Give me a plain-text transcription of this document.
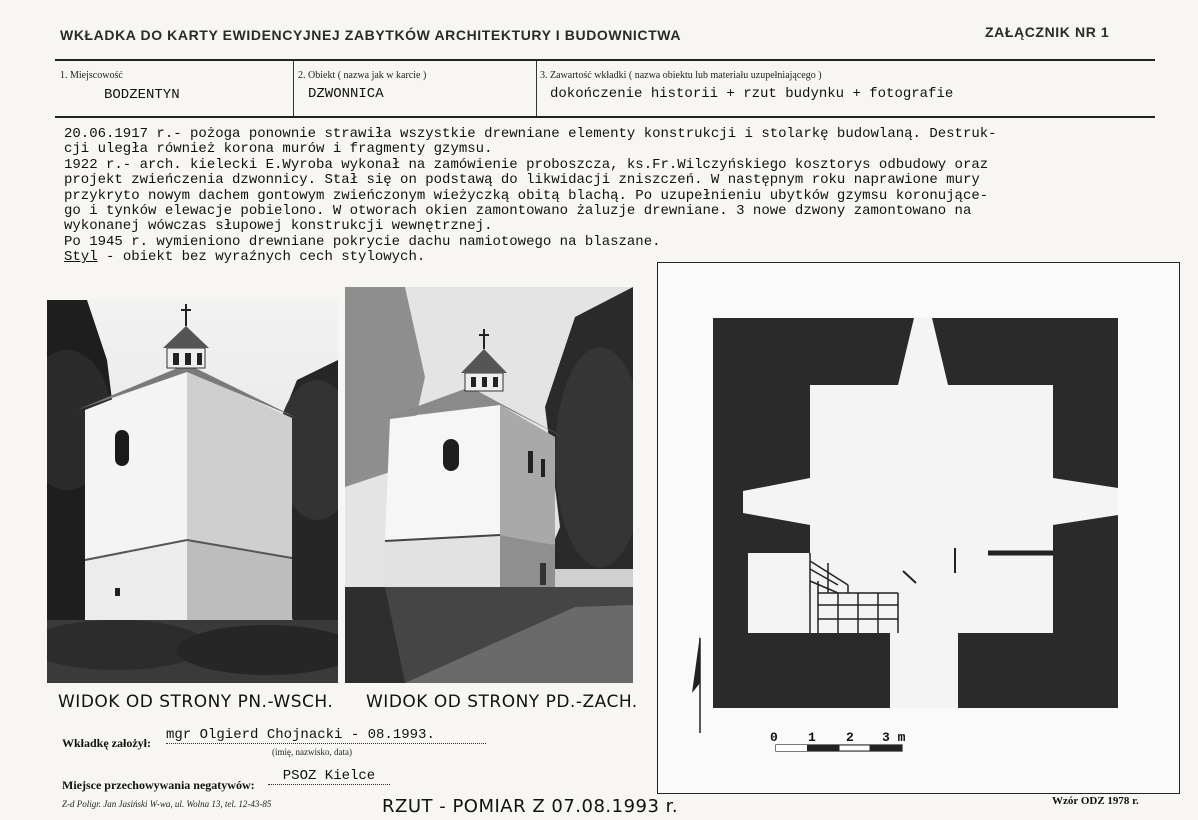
WKŁADKA DO KARTY EWIDENCYJNEJ ZABYTKÓW ARCHITEKTURY I BUDOWNICTWA	ZAŁĄCZNIK NR 1
1. Miejscowość
BODZENTYN
2. Obiekt ( nazwa jak w karcie )
DZWONNICA
3. Zawartość wkładki ( nazwa obiektu lub materiału uzupełniającego )
dokończenie historii + rzut budynku + fotografie
20.06.1917 r.- pożoga ponownie strawiła wszystkie drewniane elementy konstrukcji i stolarkę budowlaną. Destruk-
cji uległa również korona murów i fragmenty gzymsu.
1922 r.- arch. kielecki E.Wyroba wykonał na zamówienie proboszcza, ks.Fr.Wilczyńskiego kosztorys odbudowy oraz
projekt zwieńczenia dzwonnicy. Stał się on podstawą do likwidacji zniszczeń. W następnym roku naprawione mury
przykryto nowym dachem gontowym zwieńczonym wieżyczką obitą blachą. Po uzupełnieniu ubytków gzymsu koronujące-
go i tynków elewacje pobielono. W otworach okien zamontowano żaluzje drewniane. 3 nowe dzwony zamontowano na
wykonanej wówczas słupowej konstrukcji wewnętrznej.
Po 1945 r. wymieniono drewniane pokrycie dachu namiotowego na blaszane.
Styl - obiekt bez wyraźnych cech stylowych.
WIDOK OD STRONY PN.-WSCH. WIDOK OD STRONY PD.-ZACH.
0 1 2 3 m
Wkładkę założył: mgr Olgierd Chojnacki - 08.1993.
(imię, nazwisko, data)
Miejsce przechowywania negatywów:
PSOZ Kielce
Z-d Poligr. Jan Jasiński W-wa, ul. Wolna 13, tel. 12-43-85	RZUT - POMIAR Z 07.08.1993 r.	Wzór ODZ 1978 r.
